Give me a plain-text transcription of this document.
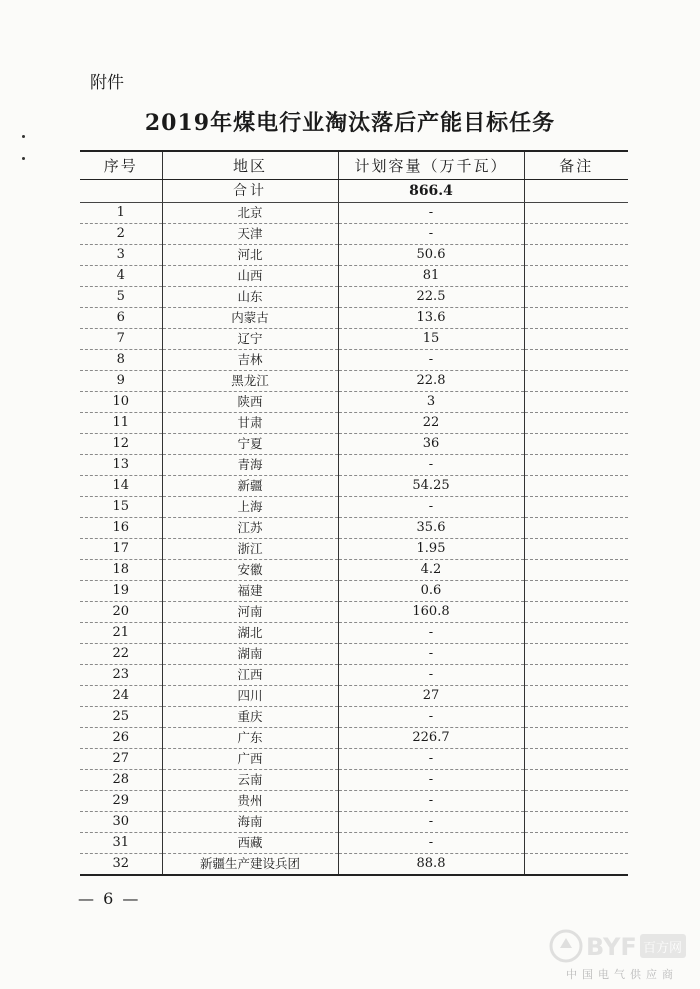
附件
2019年煤电行业淘汰落后产能目标任务
序号	地区	计划容量（万千瓦）	备注
	合计	866.4	
1	北京	-	
2	天津	-	
3	河北	50.6	
4	山西	81	
5	山东	22.5	
6	内蒙古	13.6	
7	辽宁	15	
8	吉林	-	
9	黑龙江	22.8	
10	陕西	3	
11	甘肃	22	
12	宁夏	36	
13	青海	-	
14	新疆	54.25	
15	上海	-	
16	江苏	35.6	
17	浙江	1.95	
18	安徽	4.2	
19	福建	0.6	
20	河南	160.8	
21	湖北	-	
22	湖南	-	
23	江西	-	
24	四川	27	
25	重庆	-	
26	广东	226.7	
27	广西	-	
28	云南	-	
29	贵州	-	
30	海南	-	
31	西藏	-	
32	新疆生产建设兵团	88.8	
— 6 —
BYF 百方网
中国电气供应商
